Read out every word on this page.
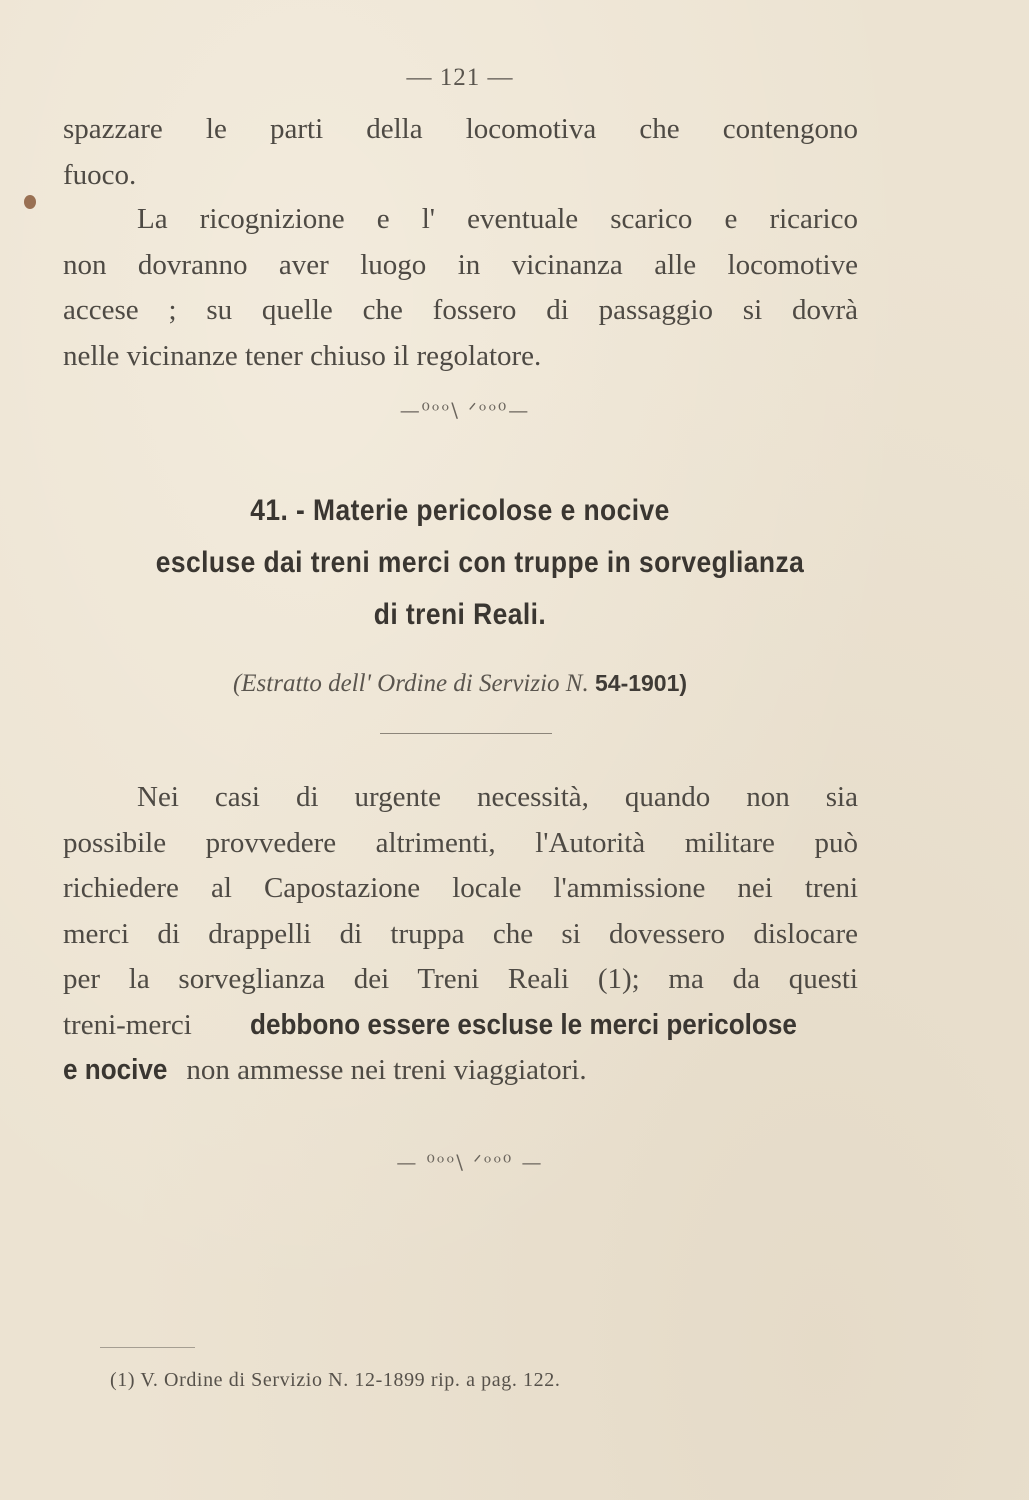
— 121 —
spazzare le parti della locomotiva che contengono
fuoco.
La ricognizione e l' eventuale scarico e ricarico
non dovranno aver luogo in vicinanza alle locomotive
accese ; su quelle che fossero di passaggio si dovrà
nelle vicinanze tener chiuso il regolatore.
—⁰ᵒᵒ\ ᐟᵒᵒ⁰—
41. - Materie pericolose e nocive
escluse dai treni merci con truppe in sorveglianza
di treni Reali.
(Estratto dell' Ordine di Servizio N. 54-1901)
Nei casi di urgente necessità, quando non sia
possibile provvedere altrimenti, l'Autorità militare può
richiedere al Capostazione locale l'ammissione nei treni
merci di drappelli di truppa che si dovessero dislocare
per la sorveglianza dei Treni Reali (1); ma da questi
treni-merci debbono essere escluse le merci pericolose
e nocive non ammesse nei treni viaggiatori.
— ⁰ᵒᵒ\ ᐟᵒᵒ⁰ —
(1) V. Ordine di Servizio N. 12-1899 rip. a pag. 122.
